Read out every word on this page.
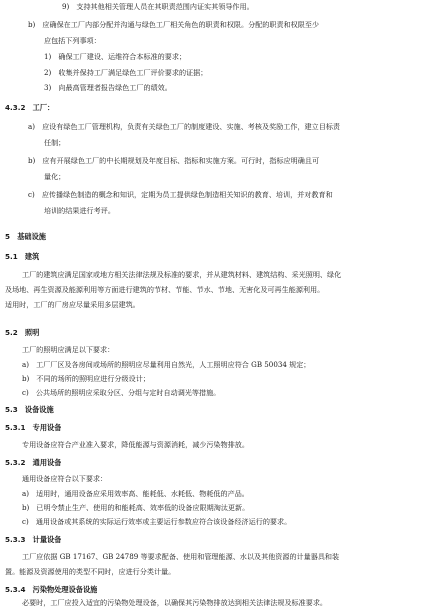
9)　支持其他相关管理人员在其职责范围内证实其领导作用。
b)　应确保在工厂内部分配并沟通与绿色工厂相关角色的职责和权限。分配的职责和权限至少
应包括下列事项：
1)　确保工厂建设、运维符合本标准的要求；
2)　收集并保持工厂满足绿色工厂评价要求的证据；
3)　向最高管理者报告绿色工厂的绩效。
4.3.2　工厂：
a)　应设有绿色工厂管理机构，负责有关绿色工厂的制度建设、实施、考核及奖励工作，建立目标责
任制；
b)　应有开展绿色工厂的中长期规划及年度目标、指标和实施方案。可行时，指标应明确且可
量化；
c)　应传播绿色制造的概念和知识，定期为员工提供绿色制造相关知识的教育、培训，并对教育和
培训的结果进行考评。
5　基础设施
5.1　建筑
工厂的建筑应满足国家或地方相关法律法规及标准的要求，并从建筑材料、建筑结构、采光照明、绿化
及场地、再生资源及能源利用等方面进行建筑的节材、节能、节水、节地、无害化及可再生能源利用。
适用时，工厂的厂房应尽量采用多层建筑。
5.2　照明
工厂的照明应满足以下要求：
a)　工厂厂区及各房间或场所的照明应尽量利用自然光，人工照明应符合 GB 50034 规定；
b)　不同的场所的照明应进行分级设计；
c)　公共场所的照明应采取分区、分组与定时自动调光等措施。
5.3　设备设施
5.3.1　专用设备
专用设备应符合产业准入要求，降低能源与资源消耗，减少污染物排放。
5.3.2　通用设备
通用设备应符合以下要求：
a)　适用时，通用设备应采用效率高、能耗低、水耗低、物耗低的产品。
b)　已明令禁止生产、使用的和能耗高、效率低的设备应限期淘汰更新。
c)　通用设备或其系统的实际运行效率或主要运行参数应符合该设备经济运行的要求。
5.3.3　计量设备
工厂应依据 GB 17167、GB 24789 等要求配备、使用和管理能源、水以及其他资源的计量器具和装
置。能源及资源使用的类型不同时，应进行分类计量。
5.3.4　污染物处理设备设施
必要时，工厂应投入适宜的污染物处理设备，以确保其污染物排放达到相关法律法规及标准要求。
